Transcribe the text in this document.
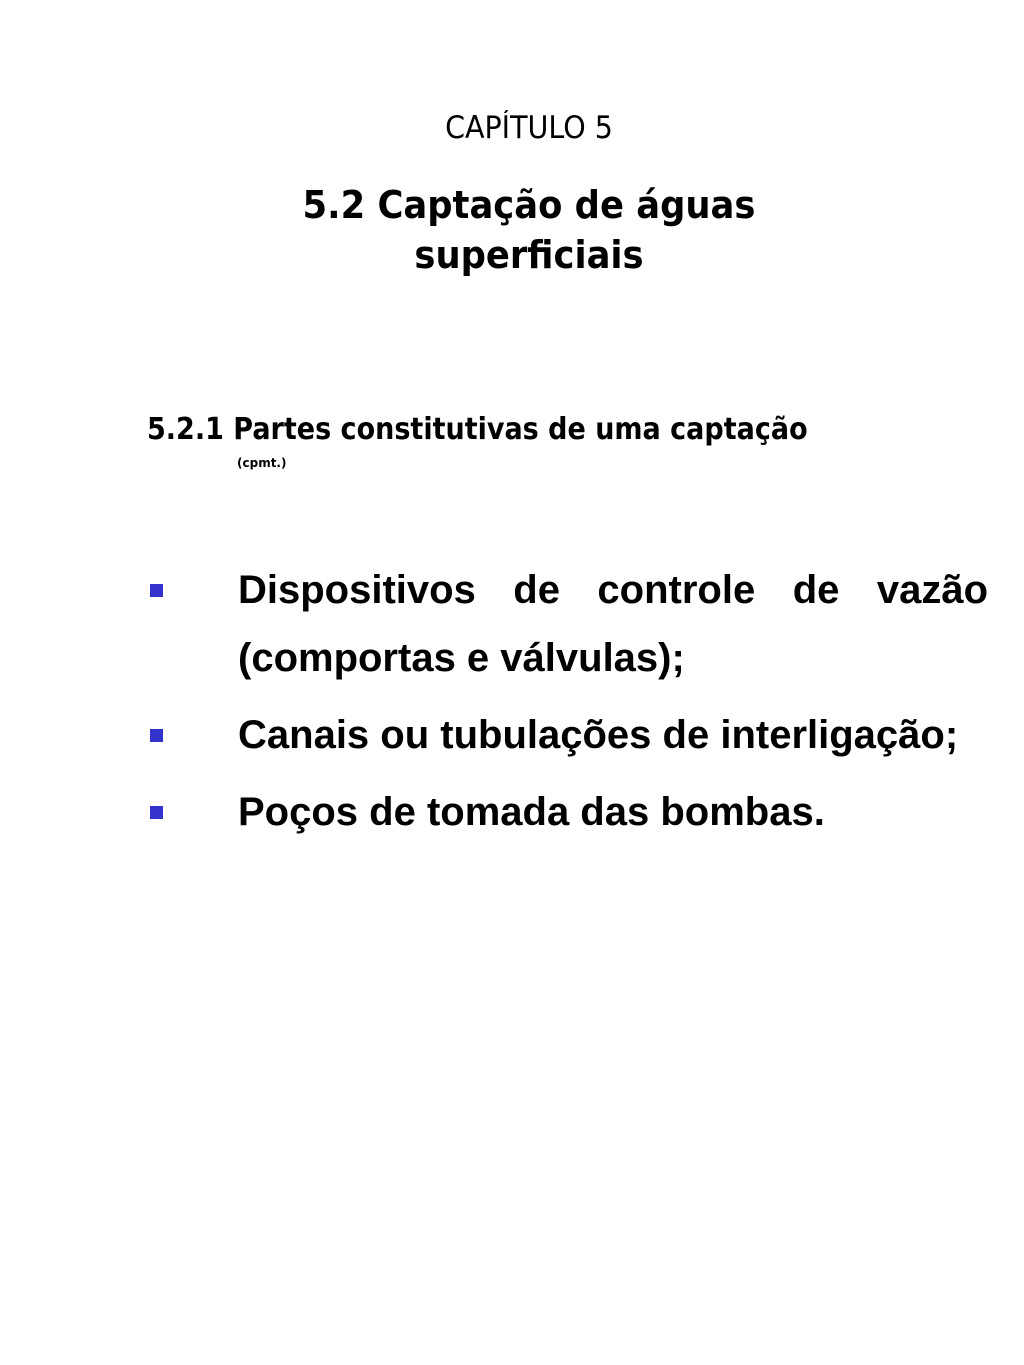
CAPÍTULO 5
5.2 Captação de águas
superficiais
5.2.1 Partes constitutivas de uma captação
(cpmt.)
Dispositivos de controle de vazão (comportas e válvulas);
Canais ou tubulações de interligação;
Poços de tomada das bombas.
